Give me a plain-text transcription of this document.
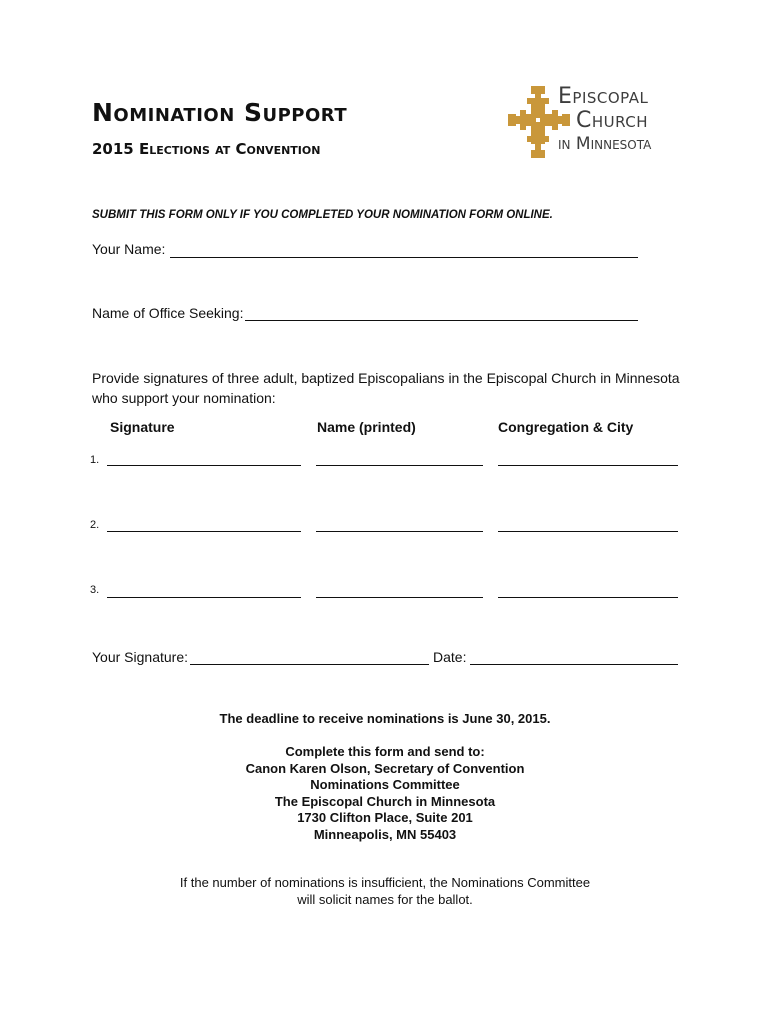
Nomination Support
2015 Elections at Convention
Episcopal
Church
in Minnesota
SUBMIT THIS FORM ONLY IF YOU COMPLETED YOUR NOMINATION FORM ONLINE.
Your Name:
Name of Office Seeking:
Provide signatures of three adult, baptized Episcopalians in the Episcopal Church in Minnesota who support your nomination:
Signature	Name (printed)	Congregation & City
1.
2.
3.
Your Signature:	Date:
The deadline to receive nominations is June 30, 2015.
Complete this form and send to:
Canon Karen Olson, Secretary of Convention
Nominations Committee
The Episcopal Church in Minnesota
1730 Clifton Place, Suite 201
Minneapolis, MN 55403
If the number of nominations is insufficient, the Nominations Committee
will solicit names for the ballot.
